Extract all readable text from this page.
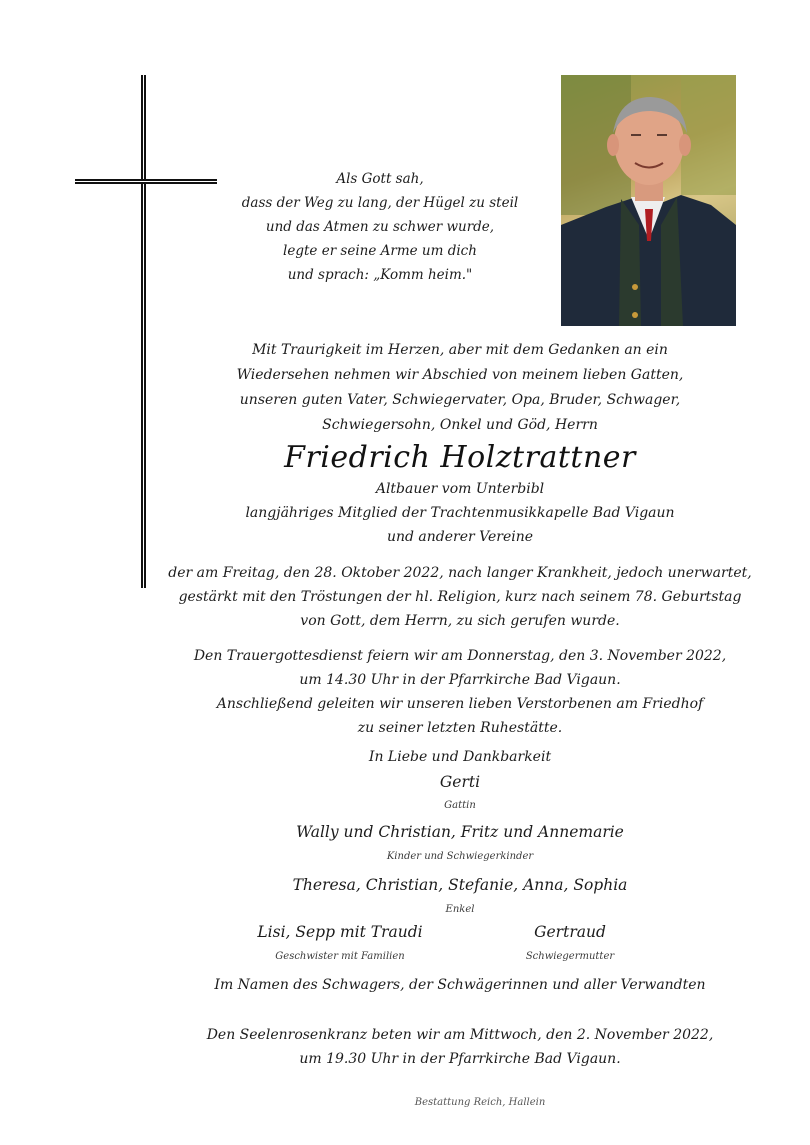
Als Gott sah,
dass der Weg zu lang, der Hügel zu steil
und das Atmen zu schwer wurde,
legte er seine Arme um dich
und sprach: „Komm heim."
Mit Traurigkeit im Herzen, aber mit dem Gedanken an ein
Wiedersehen nehmen wir Abschied von meinem lieben Gatten,
unseren guten Vater, Schwiegervater, Opa, Bruder, Schwager,
Schwiegersohn, Onkel und Göd, Herrn
Friedrich Holztrattner
Altbauer vom Unterbibl
langjähriges Mitglied der Trachtenmusikkapelle Bad Vigaun
und anderer Vereine
der am Freitag, den 28. Oktober 2022, nach langer Krankheit, jedoch unerwartet,
gestärkt mit den Tröstungen der hl. Religion, kurz nach seinem 78. Geburtstag
von Gott, dem Herrn, zu sich gerufen wurde.
Den Trauergottesdienst feiern wir am Donnerstag, den 3. November 2022,
um 14.30 Uhr in der Pfarrkirche Bad Vigaun.
Anschließend geleiten wir unseren lieben Verstorbenen am Friedhof
zu seiner letzten Ruhestätte.
In Liebe und Dankbarkeit
Gerti
Gattin
Wally und Christian, Fritz und Annemarie
Kinder und Schwiegerkinder
Theresa, Christian, Stefanie, Anna, Sophia
Enkel
Lisi, Sepp mit Traudi
Geschwister mit Familien
Gertraud
Schwiegermutter
Im Namen des Schwagers, der Schwägerinnen und aller Verwandten
Den Seelenrosenkranz beten wir am Mittwoch, den 2. November 2022,
um 19.30 Uhr in der Pfarrkirche Bad Vigaun.
Bestattung Reich, Hallein
